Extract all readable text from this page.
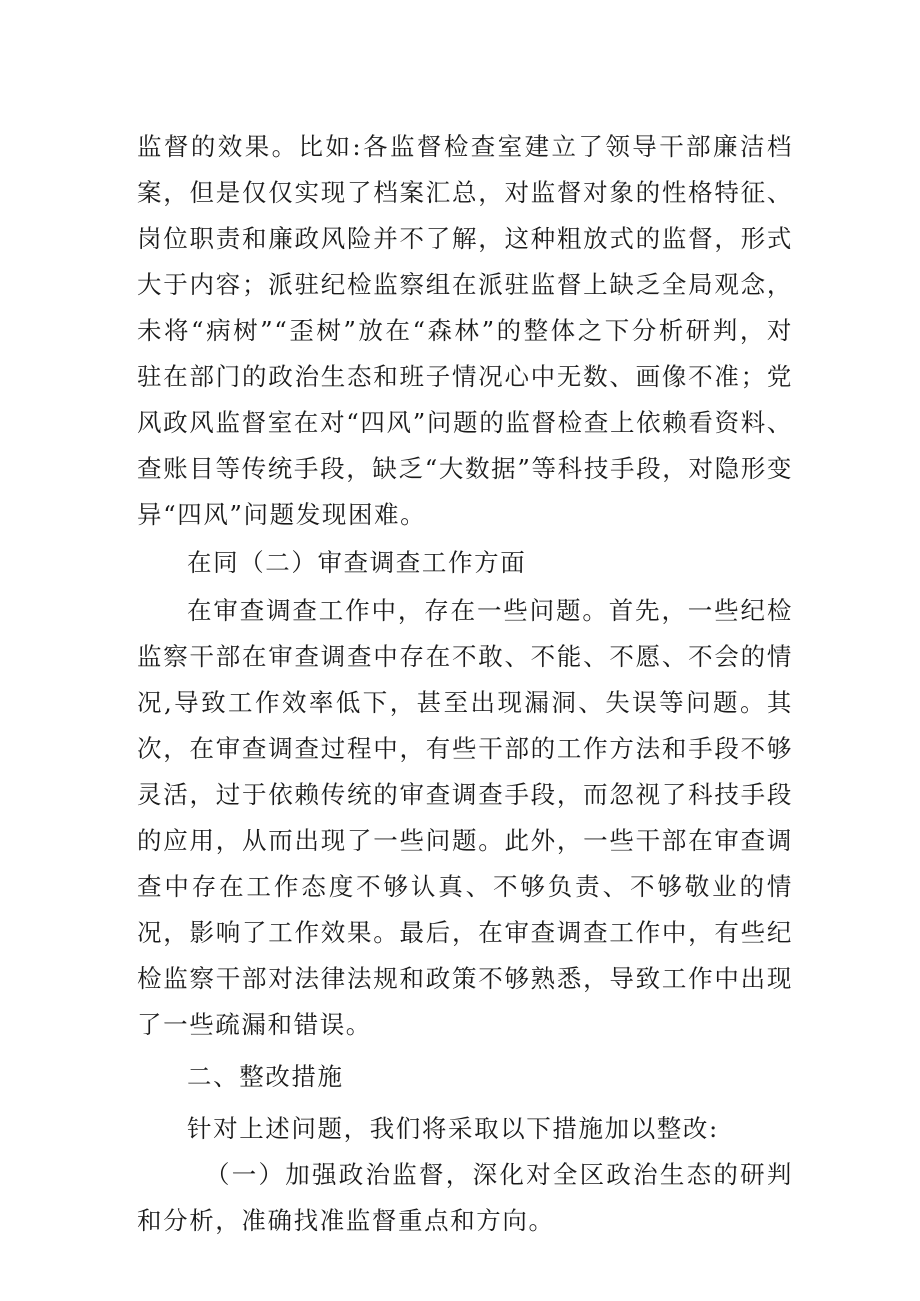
监督的效果。比如:各监督检查室建立了领导干部廉洁档案，但是仅仅实现了档案汇总，对监督对象的性格特征、岗位职责和廉政风险并不了解，这种粗放式的监督，形式大于内容；派驻纪检监察组在派驻监督上缺乏全局观念，未将“病树”“歪树”放在“森林”的整体之下分析研判，对驻在部门的政治生态和班子情况心中无数、画像不准；党风政风监督室在对“四风”问题的监督检查上依赖看资料、查账目等传统手段，缺乏“大数据”等科技手段，对隐形变异“四风”问题发现困难。

在同（二）审查调查工作方面

在审查调查工作中，存在一些问题。首先，一些纪检监察干部在审查调查中存在不敢、不能、不愿、不会的情况,导致工作效率低下，甚至出现漏洞、失误等问题。其次，在审查调查过程中，有些干部的工作方法和手段不够灵活，过于依赖传统的审查调查手段，而忽视了科技手段的应用，从而出现了一些问题。此外，一些干部在审查调查中存在工作态度不够认真、不够负责、不够敬业的情况，影响了工作效果。最后，在审查调查工作中，有些纪检监察干部对法律法规和政策不够熟悉，导致工作中出现了一些疏漏和错误。

二、整改措施

针对上述问题，我们将采取以下措施加以整改:

（一）加强政治监督，深化对全区政治生态的研判和分析，准确找准监督重点和方向。
